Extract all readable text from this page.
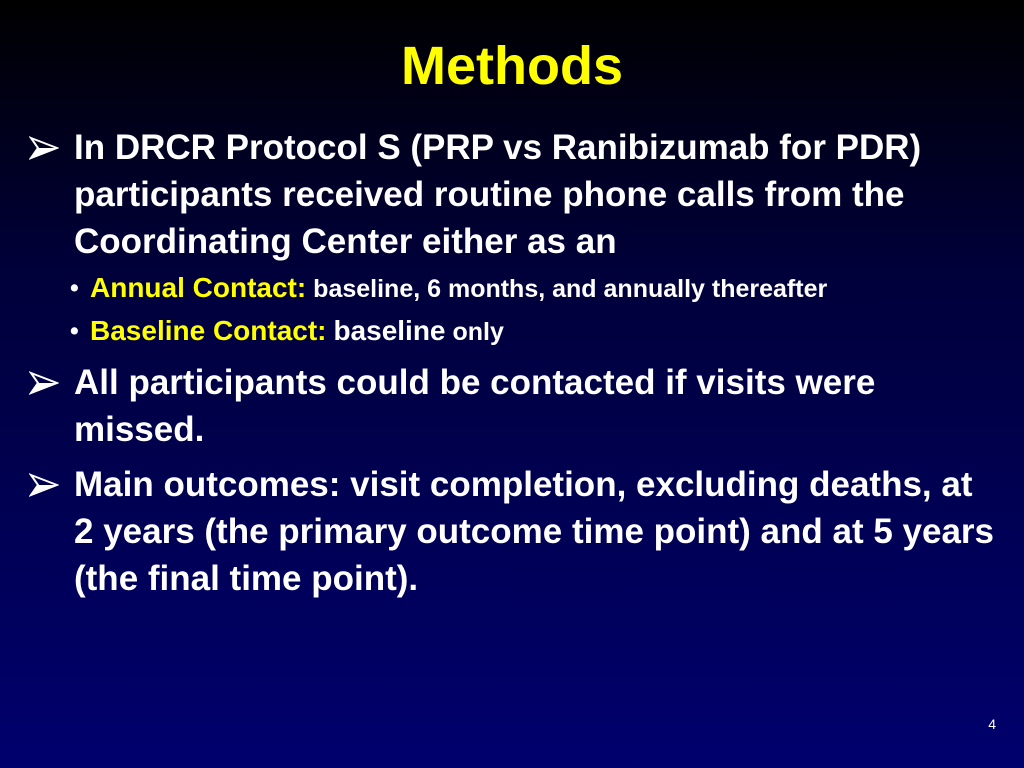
Methods
In DRCR Protocol S (PRP vs Ranibizumab for PDR) participants received routine phone calls from the Coordinating Center either as an
• Annual Contact: baseline, 6 months, and annually thereafter
• Baseline Contact: baseline only
All participants could be contacted if visits were missed.
Main outcomes: visit completion, excluding deaths, at 2 years (the primary outcome time point) and at 5 years (the final time point).
4
